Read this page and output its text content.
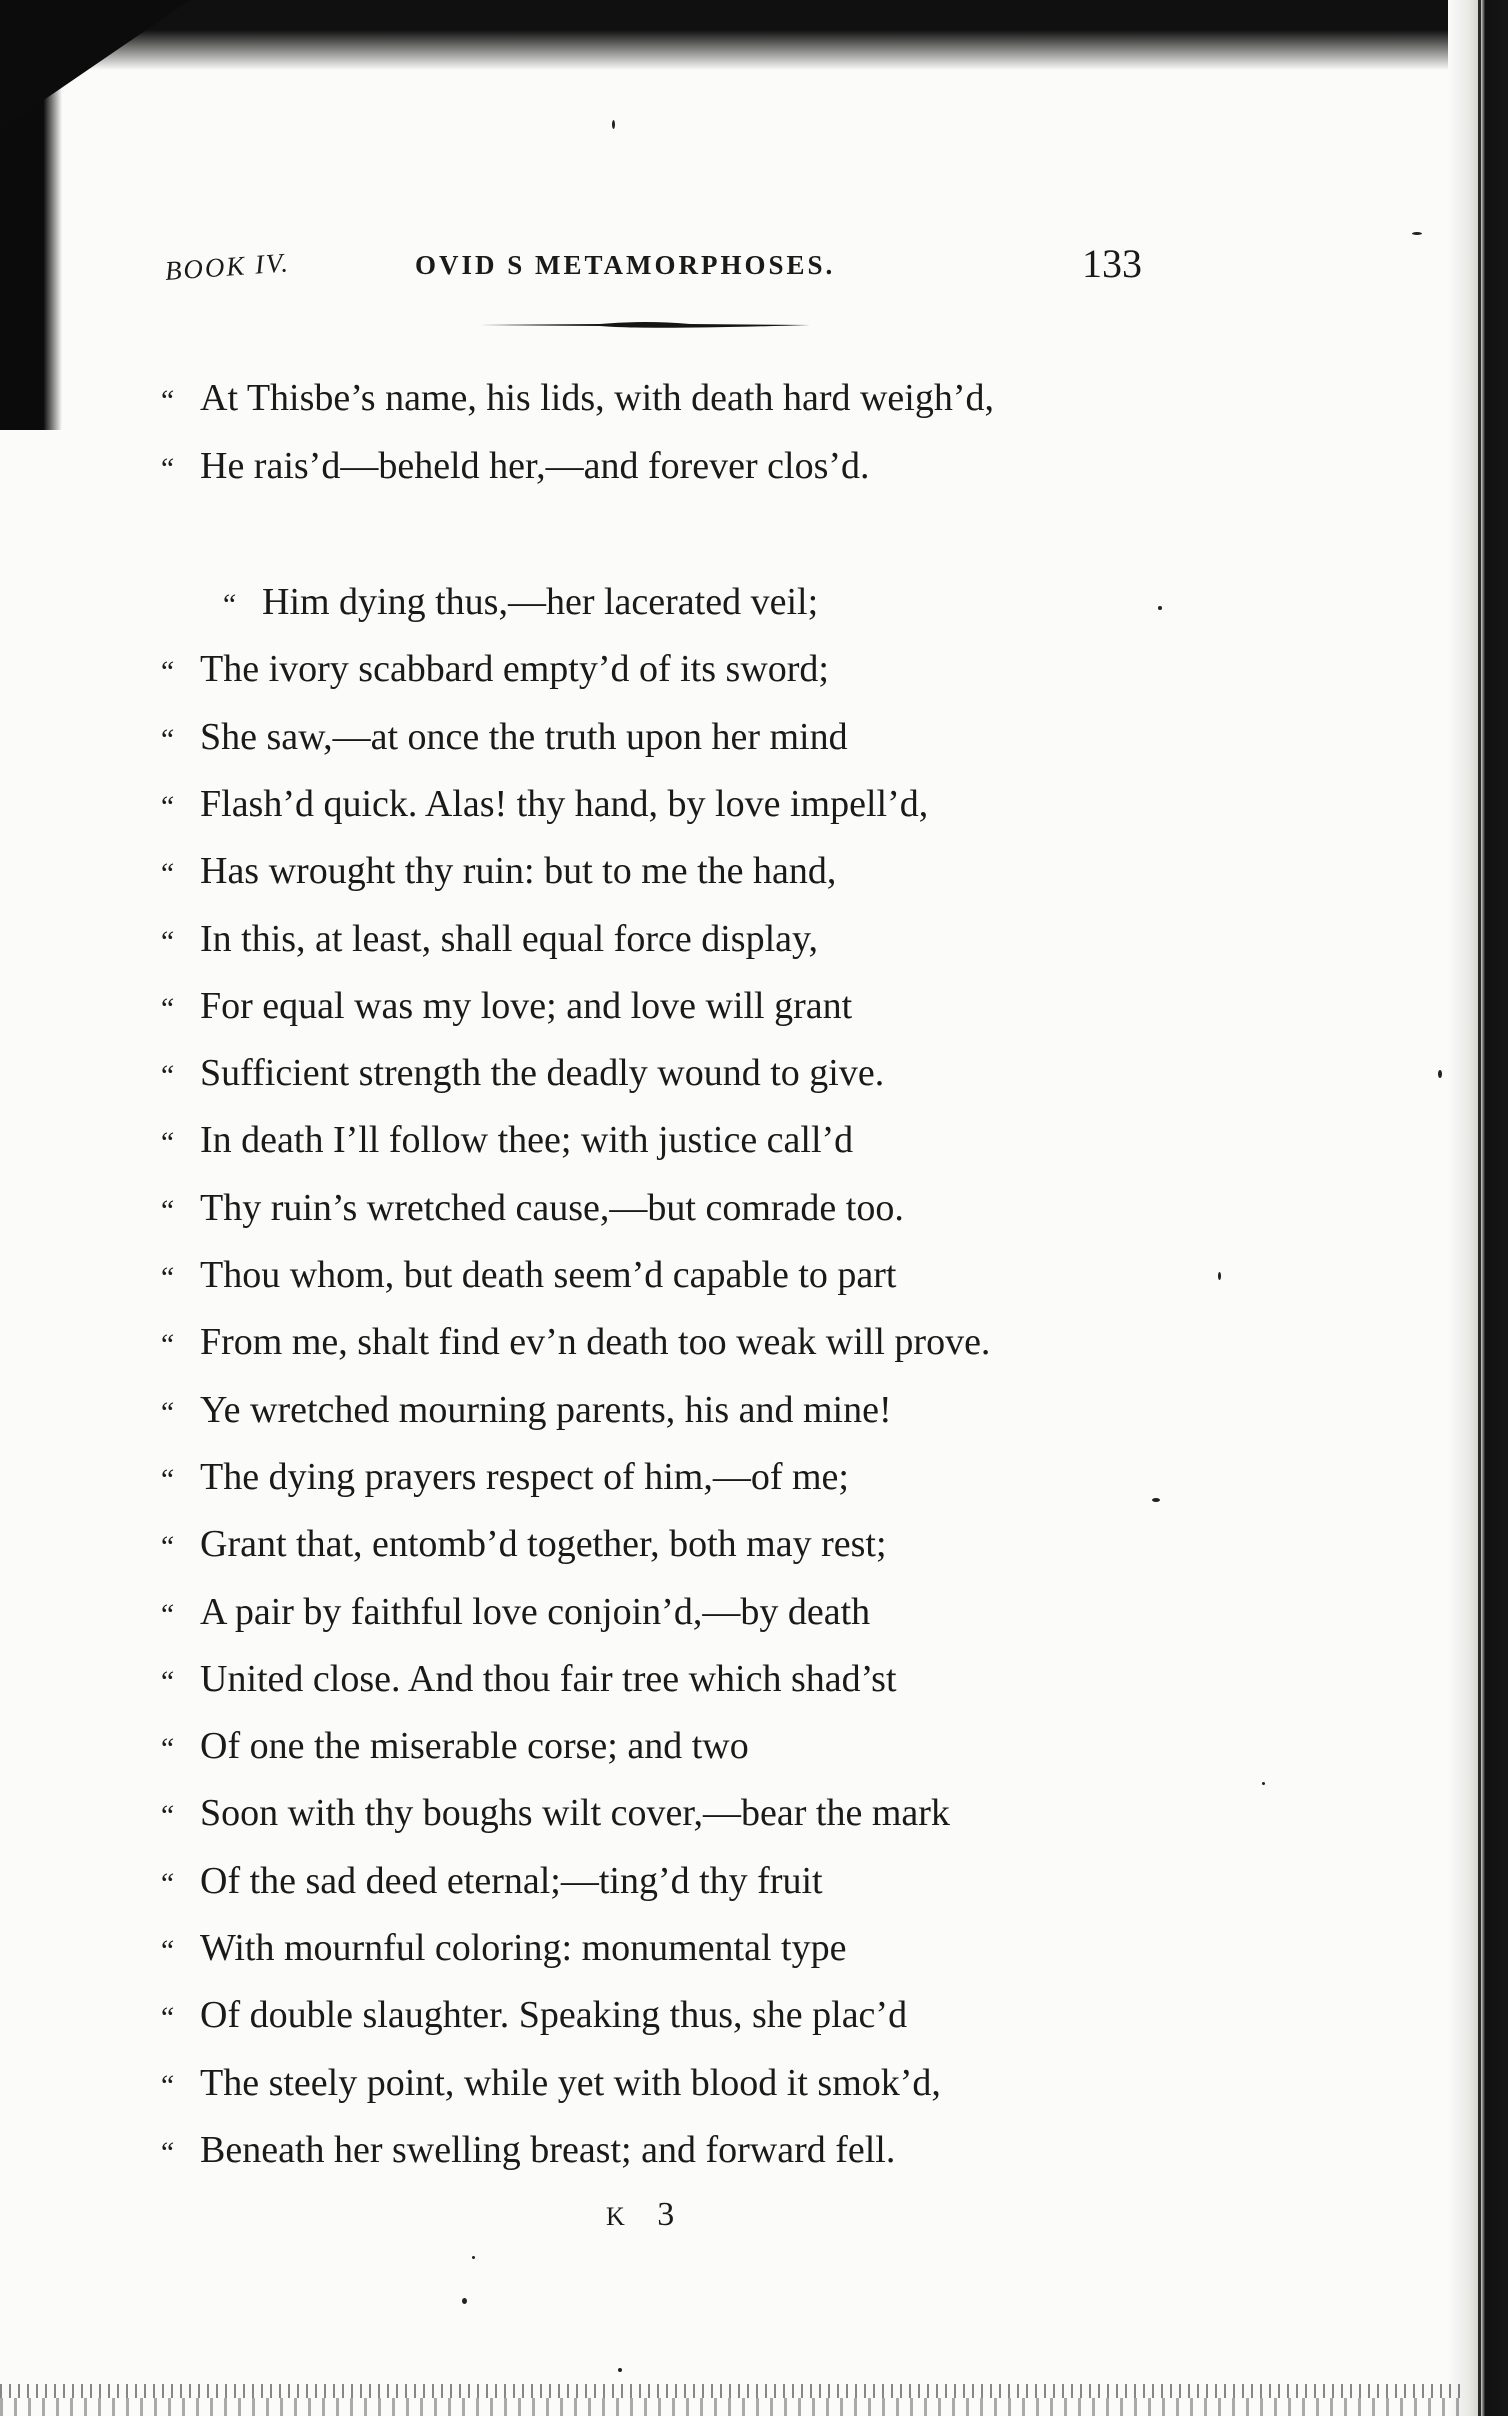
BOOK IV.	OVID S METAMORPHOSES.	133
“ At Thisbe’s name, his lids, with death hard weigh’d,
“ He rais’d—beheld her,—and forever clos’d.
“ Him dying thus,—her lacerated veil;
“ The ivory scabbard empty’d of its sword;
“ She saw,—at once the truth upon her mind
“ Flash’d quick. Alas! thy hand, by love impell’d,
“ Has wrought thy ruin: but to me the hand,
“ In this, at least, shall equal force display,
“ For equal was my love; and love will grant
“ Sufficient strength the deadly wound to give.
“ In death I’ll follow thee; with justice call’d
“ Thy ruin’s wretched cause,—but comrade too.
“ Thou whom, but death seem’d capable to part
“ From me, shalt find ev’n death too weak will prove.
“ Ye wretched mourning parents, his and mine!
“ The dying prayers respect of him,—of me;
“ Grant that, entomb’d together, both may rest;
“ A pair by faithful love conjoin’d,—by death
“ United close. And thou fair tree which shad’st
“ Of one the miserable corse; and two
“ Soon with thy boughs wilt cover,—bear the mark
“ Of the sad deed eternal;—ting’d thy fruit
“ With mournful coloring: monumental type
“ Of double slaughter. Speaking thus, she plac’d
“ The steely point, while yet with blood it smok’d,
“ Beneath her swelling breast; and forward fell.
K 3
